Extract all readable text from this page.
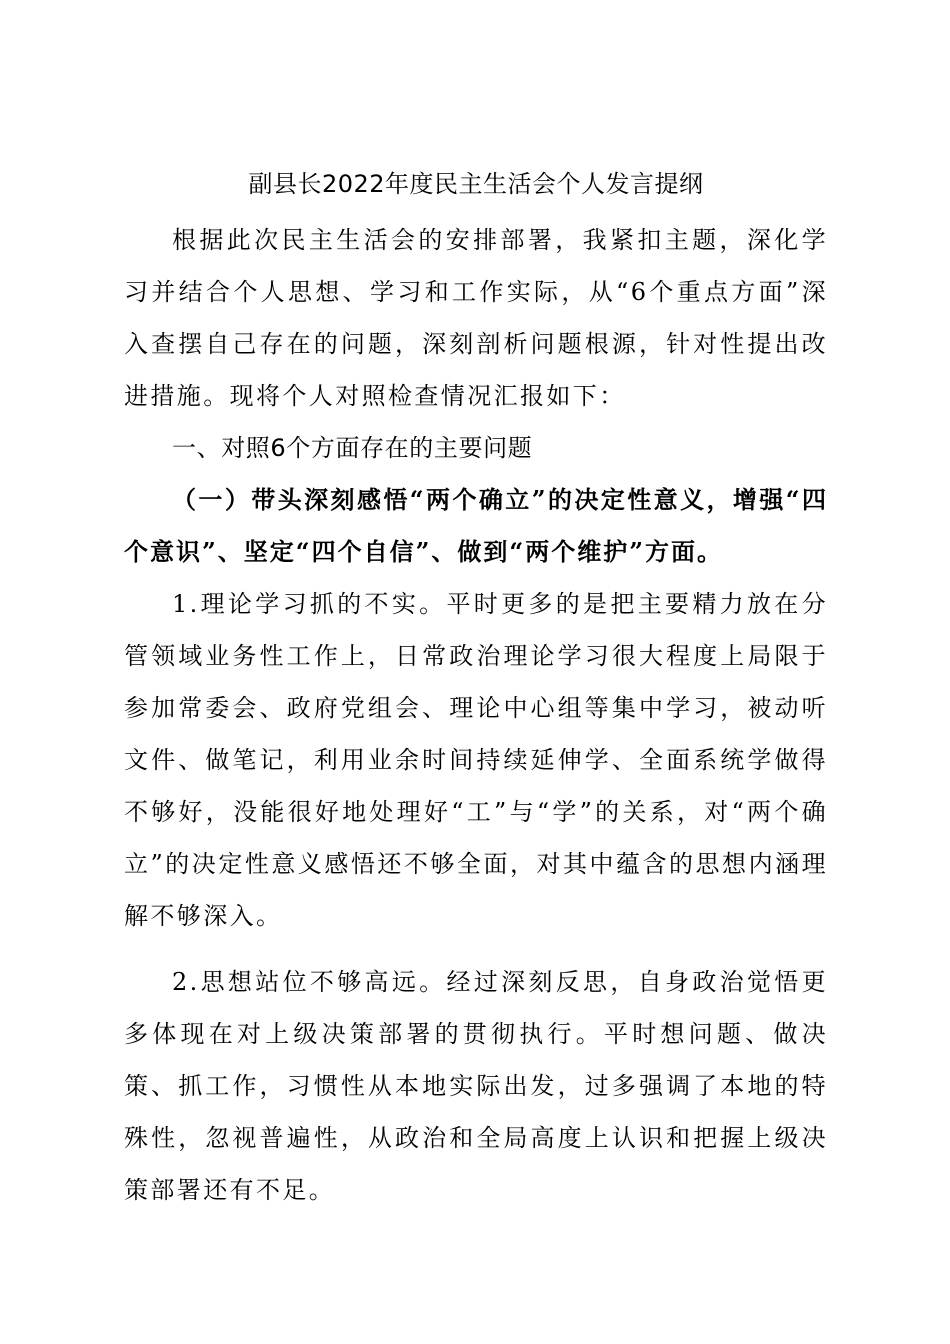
副县长2022年度民主生活会个人发言提纲

根据此次民主生活会的安排部署，我紧扣主题，深化学习并结合个人思想、学习和工作实际，从“6个重点方面”深入查摆自己存在的问题，深刻剖析问题根源，针对性提出改进措施。现将个人对照检查情况汇报如下：

一、对照6个方面存在的主要问题

（一）带头深刻感悟“两个确立”的决定性意义，增强“四个意识”、坚定“四个自信”、做到“两个维护”方面。

1.理论学习抓的不实。平时更多的是把主要精力放在分管领域业务性工作上，日常政治理论学习很大程度上局限于参加常委会、政府党组会、理论中心组等集中学习，被动听文件、做笔记，利用业余时间持续延伸学、全面系统学做得不够好，没能很好地处理好“工”与“学”的关系，对“两个确立”的决定性意义感悟还不够全面，对其中蕴含的思想内涵理解不够深入。

2.思想站位不够高远。经过深刻反思，自身政治觉悟更多体现在对上级决策部署的贯彻执行。平时想问题、做决策、抓工作，习惯性从本地实际出发，过多强调了本地的特殊性，忽视普遍性，从政治和全局高度上认识和把握上级决策部署还有不足。
